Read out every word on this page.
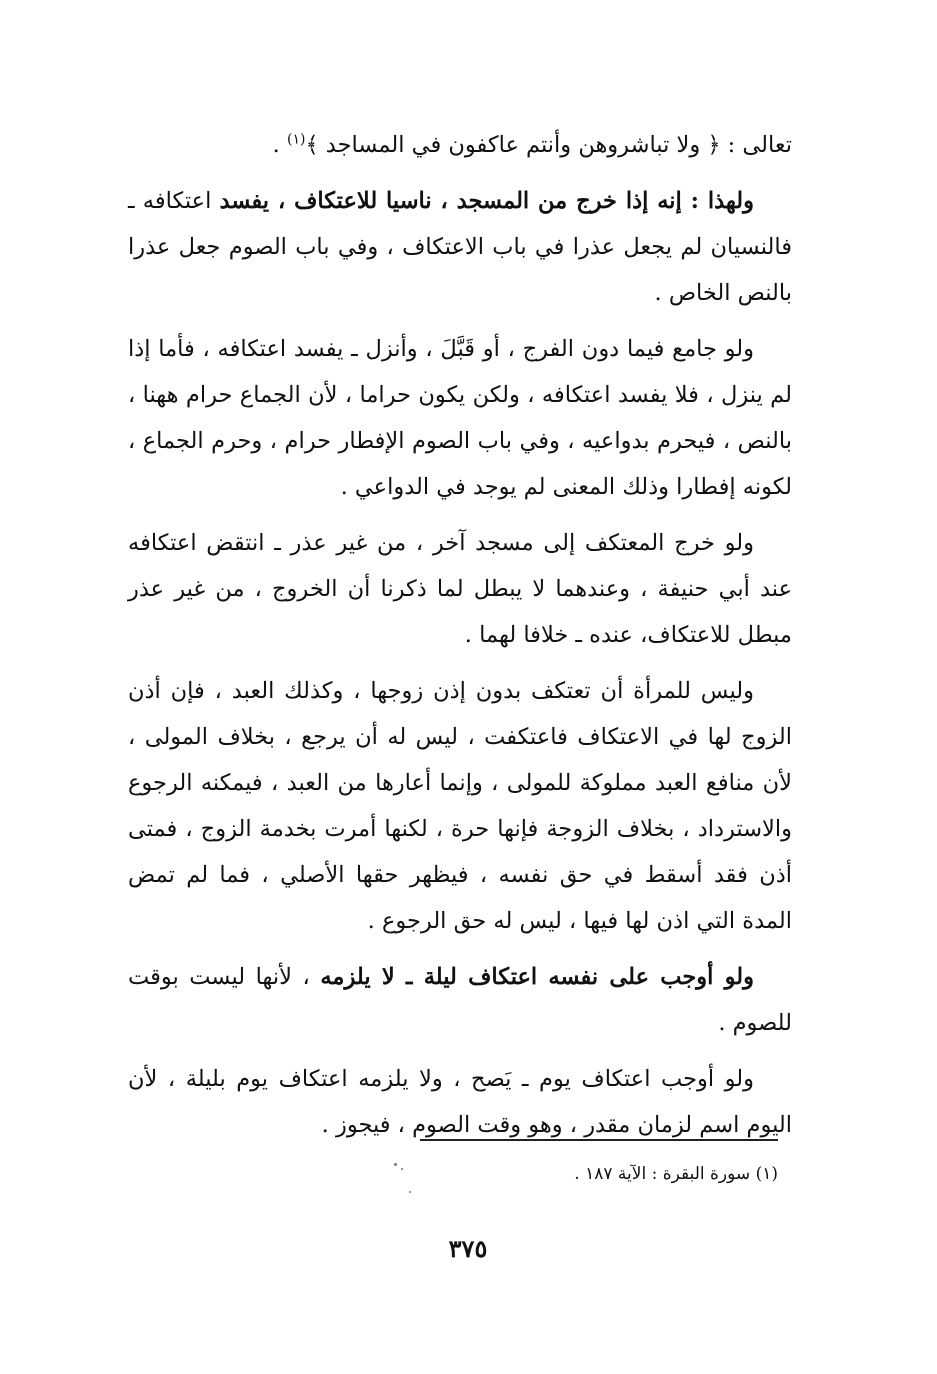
تعالى : ﴿ ولا تباشروهن وأنتم عاكفون في المساجد ﴾$^{(١)}$ .

ولهذا : إنه إذا خرج من المسجد ، ناسيا للاعتكاف ، يفسد اعتكافه ـ فالنسيان لم يجعل عذرا في باب الاعتكاف ، وفي باب الصوم جعل عذرا بالنص الخاص .

ولو جامع فيما دون الفرج ، أو قَبَّلَ ، وأنزل ـ يفسد اعتكافه ، فأما إذا لم ينزل ، فلا يفسد اعتكافه ، ولكن يكون حراما ، لأن الجماع حرام ههنا ، بالنص ، فيحرم بدواعيه ، وفي باب الصوم الإفطار حرام ، وحرم الجماع ، لكونه إفطارا وذلك المعنى لم يوجد في الدواعي .

ولو خرج المعتكف إلى مسجد آخر ، من غير عذر ـ انتقض اعتكافه عند أبي حنيفة ، وعندهما لا يبطل لما ذكرنا أن الخروج ، من غير عذر مبطل للاعتكاف، عنده ـ خلافا لهما .

وليس للمرأة أن تعتكف بدون إذن زوجها ، وكذلك العبد ، فإن أذن الزوج لها في الاعتكاف فاعتكفت ، ليس له أن يرجع ، بخلاف المولى ، لأن منافع العبد مملوكة للمولى ، وإنما أعارها من العبد ، فيمكنه الرجوع والاسترداد ، بخلاف الزوجة فإنها حرة ، لكنها أمرت بخدمة الزوج ، فمتى أذن فقد أسقط في حق نفسه ، فيظهر حقها الأصلي ، فما لم تمض المدة التي اذن لها فيها ، ليس له حق الرجوع .

ولو أوجب على نفسه اعتكاف ليلة ـ لا يلزمه ، لأنها ليست بوقت للصوم .

ولو أوجب اعتكاف يوم ـ يَصح ، ولا يلزمه اعتكاف يوم بليلة ، لأن اليوم اسم لزمان مقدر ، وهو وقت الصوم ، فيجوز .

(١) سورة البقرة : الآية ١٨٧ .
٣٧٥
